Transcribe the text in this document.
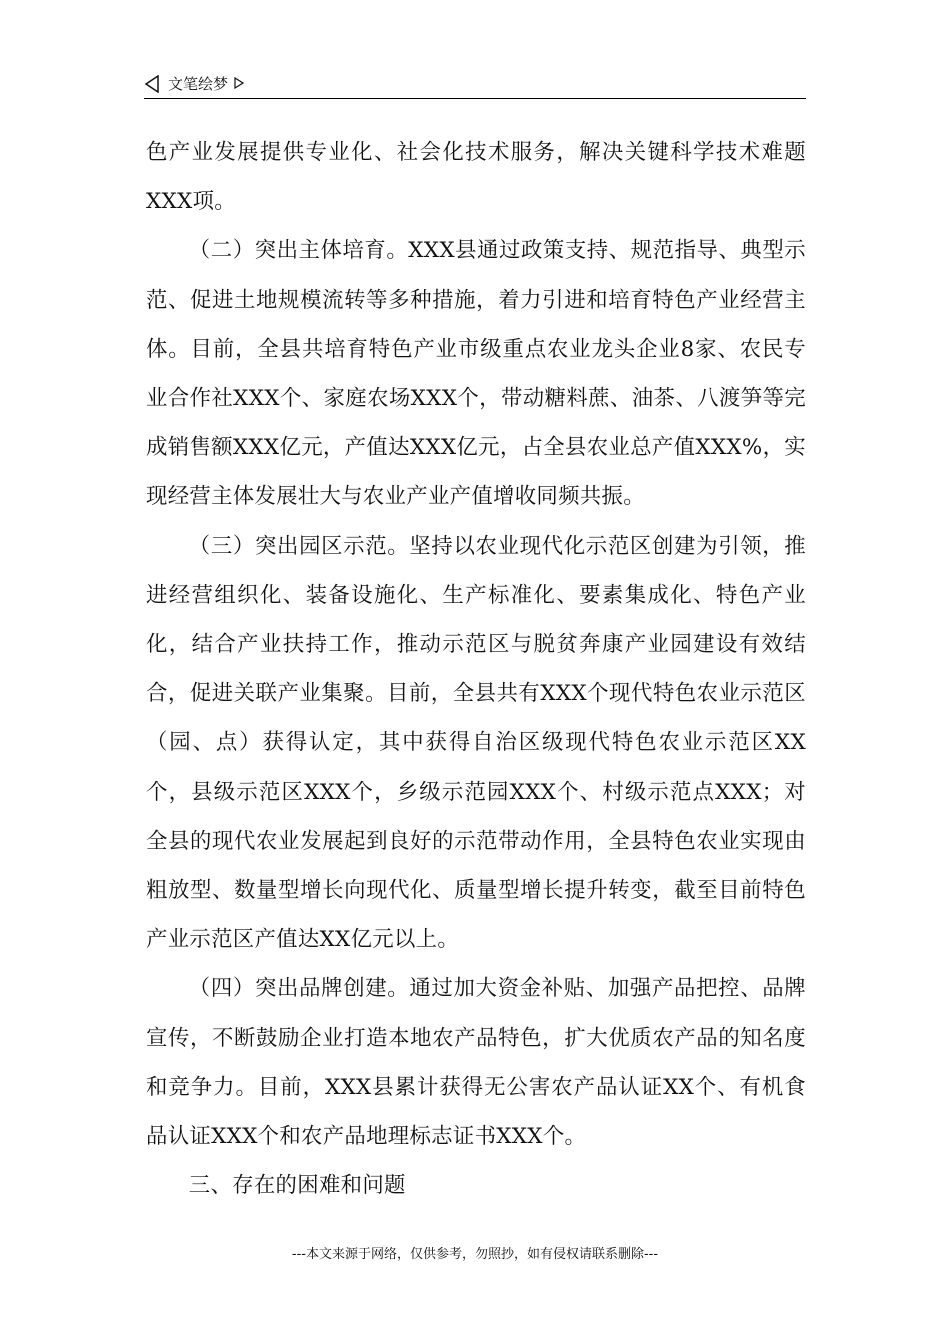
文笔绘梦

色产业发展提供专业化、社会化技术服务，解决关键科学技术难题XXX项。

（二）突出主体培育。XXX县通过政策支持、规范指导、典型示范、促进土地规模流转等多种措施，着力引进和培育特色产业经营主体。目前，全县共培育特色产业市级重点农业龙头企业8家、农民专业合作社XXX个、家庭农场XXX个，带动糖料蔗、油茶、八渡笋等完成销售额XXX亿元，产值达XXX亿元，占全县农业总产值XXX%，实现经营主体发展壮大与农业产业产值增收同频共振。

（三）突出园区示范。坚持以农业现代化示范区创建为引领，推进经营组织化、装备设施化、生产标准化、要素集成化、特色产业化，结合产业扶持工作，推动示范区与脱贫奔康产业园建设有效结合，促进关联产业集聚。目前，全县共有XXX个现代特色农业示范区（园、点）获得认定，其中获得自治区级现代特色农业示范区XX个，县级示范区XXX个，乡级示范园XXX个、村级示范点XXX；对全县的现代农业发展起到良好的示范带动作用，全县特色农业实现由粗放型、数量型增长向现代化、质量型增长提升转变，截至目前特色产业示范区产值达XX亿元以上。

（四）突出品牌创建。通过加大资金补贴、加强产品把控、品牌宣传，不断鼓励企业打造本地农产品特色，扩大优质农产品的知名度和竞争力。目前，XXX县累计获得无公害农产品认证XX个、有机食品认证XXX个和农产品地理标志证书XXX个。

三、存在的困难和问题

---本文来源于网络，仅供参考，勿照抄，如有侵权请联系删除---
